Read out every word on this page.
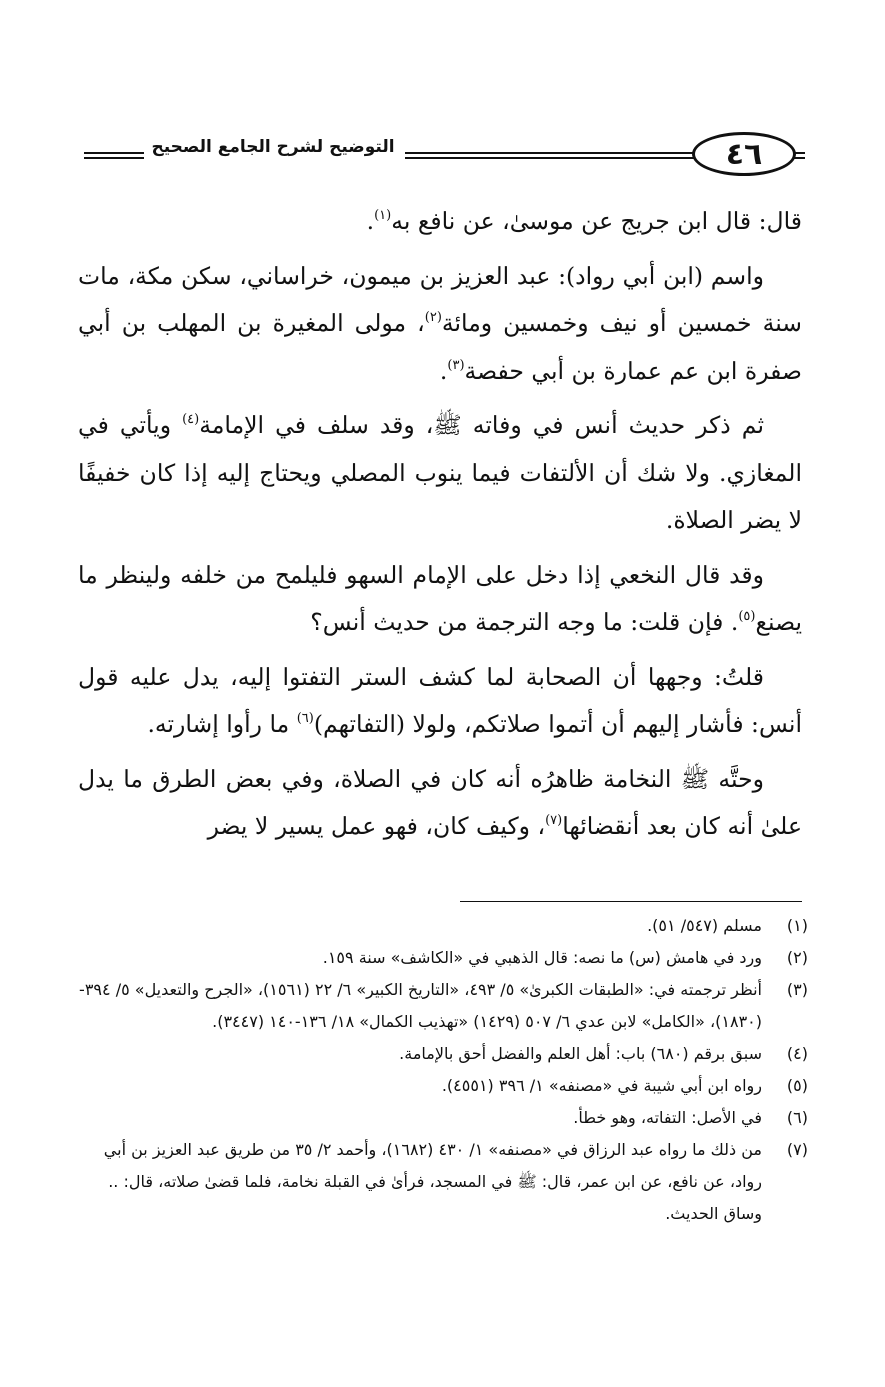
٤٦
التوضيح لشرح الجامع الصحيح

قال: قال ابن جريج عن موسىٰ، عن نافع به$^{(١)}$.

واسم (ابن أبي رواد): عبد العزيز بن ميمون، خراساني، سكن مكة، مات سنة خمسين أو نيف وخمسين ومائة$^{(٢)}$، مولى المغيرة بن المهلب بن أبي صفرة ابن عم عمارة بن أبي حفصة$^{(٣)}$.

ثم ذكر حديث أنس في وفاته ﷺ، وقد سلف في الإمامة$^{(٤)}$ ويأتي في المغازي. ولا شك أن الألتفات فيما ينوب المصلي ويحتاج إليه إذا كان خفيفًا لا يضر الصلاة.

وقد قال النخعي إذا دخل على الإمام السهو فليلمح من خلفه ولينظر ما يصنع$^{(٥)}$. فإن قلت: ما وجه الترجمة من حديث أنس؟

قلتُ: وجهها أن الصحابة لما كشف الستر التفتوا إليه، يدل عليه قول أنس: فأشار إليهم أن أتموا صلاتكم، ولولا (التفاتهم)$^{(٦)}$ ما رأوا إشارته.

وحتَّه ﷺ النخامة ظاهرُه أنه كان في الصلاة، وفي بعض الطرق ما يدل علىٰ أنه كان بعد أنقضائها$^{(٧)}$، وكيف كان، فهو عمل يسير لا يضر

(١)
مسلم (٥٤٧/ ٥١).
(٢)
ورد في هامش (س) ما نصه: قال الذهبي في «الكاشف» سنة ١٥٩.
(٣)
أنظر ترجمته في: «الطبقات الكبرىٰ» ٥/ ٤٩٣، «التاريخ الكبير» ٦/ ٢٢ (١٥٦١)، «الجرح والتعديل» ٥/ ٣٩٤- (١٨٣٠)، «الكامل» لابن عدي ٦/ ٥٠٧ (١٤٢٩) «تهذيب الكمال» ١٨/ ١٣٦-١٤٠ (٣٤٤٧).
(٤)
سبق برقم (٦٨٠) باب: أهل العلم والفضل أحق بالإمامة.
(٥)
رواه ابن أبي شيبة في «مصنفه» ١/ ٣٩٦ (٤٥٥١).
(٦)
في الأصل: التفاته، وهو خطأ.
(٧)
من ذلك ما رواه عبد الرزاق في «مصنفه» ١/ ٤٣٠ (١٦٨٢)، وأحمد ٢/ ٣٥ من طريق عبد العزيز بن أبي رواد، عن نافع، عن ابن عمر، قال: ﷺ في المسجد، فرأىٰ في القبلة نخامة، فلما قضىٰ صلاته، قال: .. وساق الحديث.
